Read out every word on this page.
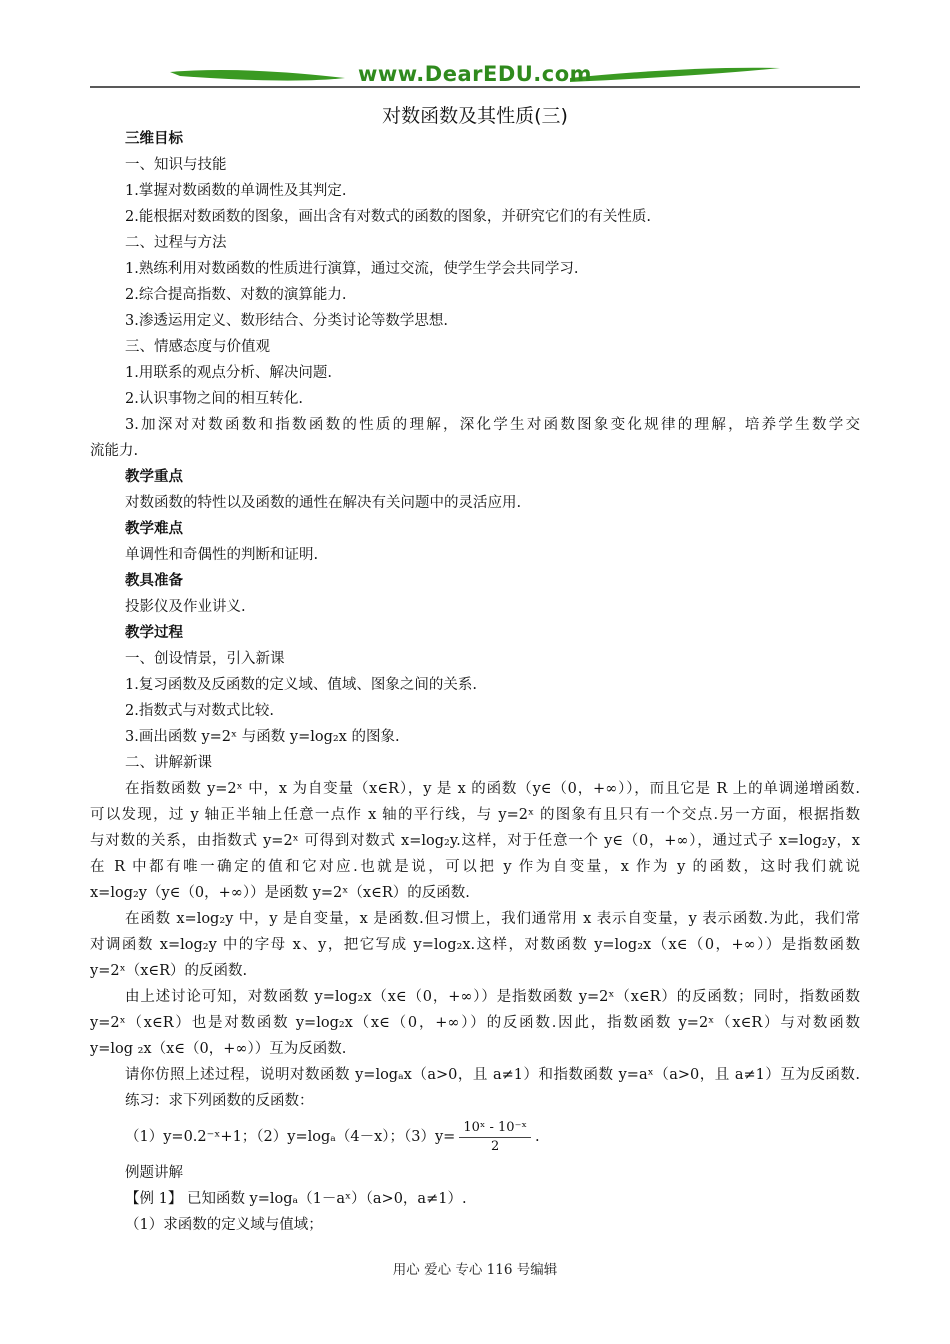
www.DearEDU.com
对数函数及其性质(三)
三维目标
一、知识与技能
1.掌握对数函数的单调性及其判定.
2.能根据对数函数的图象，画出含有对数式的函数的图象，并研究它们的有关性质.
二、过程与方法
1.熟练利用对数函数的性质进行演算，通过交流，使学生学会共同学习.
2.综合提高指数、对数的演算能力.
3.渗透运用定义、数形结合、分类讨论等数学思想.
三、情感态度与价值观
1.用联系的观点分析、解决问题.
2.认识事物之间的相互转化.
3.加深对对数函数和指数函数的性质的理解，深化学生对函数图象变化规律的理解，培养学生数学交
流能力.
教学重点
对数函数的特性以及函数的通性在解决有关问题中的灵活应用.
教学难点
单调性和奇偶性的判断和证明.
教具准备
投影仪及作业讲义.
教学过程
一、创设情景，引入新课
1.复习函数及反函数的定义域、值域、图象之间的关系.
2.指数式与对数式比较.
3.画出函数 y=2ˣ 与函数 y=log₂x 的图象.
二、讲解新课
在指数函数 y=2ˣ 中，x 为自变量（x∈R），y 是 x 的函数（y∈（0，+∞）），而且它是 R 上的单调递增函数.
可以发现，过 y 轴正半轴上任意一点作 x 轴的平行线，与 y=2ˣ 的图象有且只有一个交点.另一方面，根据指数
与对数的关系，由指数式 y=2ˣ 可得到对数式 x=log₂y.这样，对于任意一个 y∈（0，+∞），通过式子 x=log₂y，x
在 R 中都有唯一确定的值和它对应.也就是说，可以把 y 作为自变量，x 作为 y 的函数，这时我们就说
x=log₂y（y∈（0，+∞））是函数 y=2ˣ（x∈R）的反函数.
在函数 x=log₂y 中，y 是自变量，x 是函数.但习惯上，我们通常用 x 表示自变量，y 表示函数.为此，我们常
对调函数 x=log₂y 中的字母 x、y，把它写成 y=log₂x.这样，对数函数 y=log₂x（x∈（0，+∞））是指数函数
y=2ˣ（x∈R）的反函数.
由上述讨论可知，对数函数 y=log₂x（x∈（0，+∞））是指数函数 y=2ˣ（x∈R）的反函数；同时，指数函数
y=2ˣ（x∈R）也是对数函数 y=log₂x（x∈（0，+∞））的反函数.因此，指数函数 y=2ˣ（x∈R）与对数函数
y=log ₂x（x∈（0，+∞））互为反函数.
请你仿照上述过程，说明对数函数 y=logₐx（a>0，且 a≠1）和指数函数 y=aˣ（a>0，且 a≠1）互为反函数.
练习：求下列函数的反函数：
（1）y=0.2⁻ˣ+1；（2）y=logₐ（4－x）；$(3)y= \frac{\text{10ˣ - 10⁻ˣ}}{2}$ .
例题讲解
【例 1】 已知函数 y=logₐ（1－aˣ）（a>0，a≠1）.
（1）求函数的定义域与值域；
用心 爱心 专心 116 号编辑
